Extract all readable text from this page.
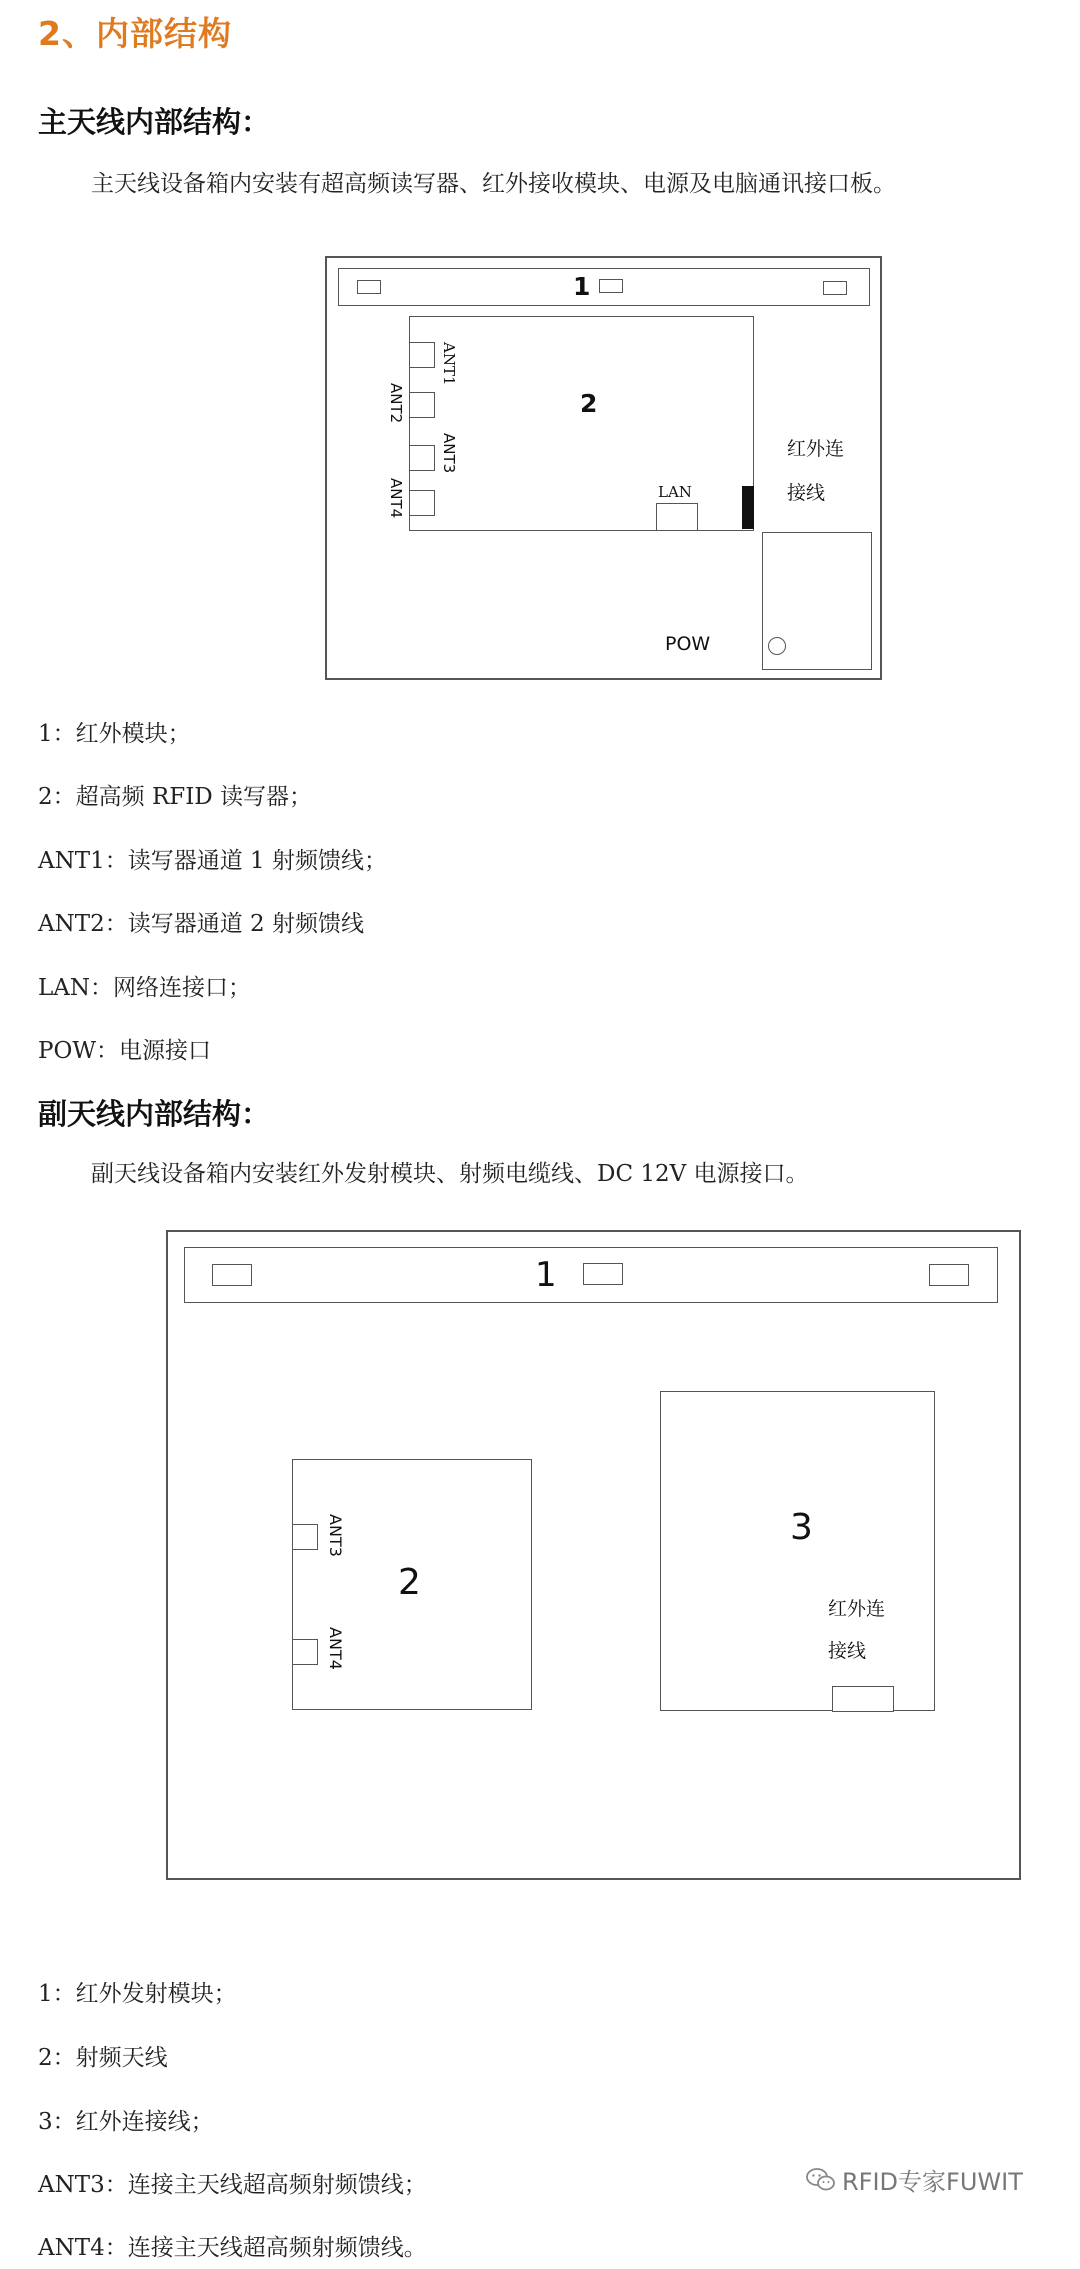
2、内部结构
主天线内部结构：
主天线设备箱内安装有超高频读写器、红外接收模块、电源及电脑通讯接口板。
1
2
ANT1
ANT2
ANT3
ANT4	LAN
红外连
接线
POW
1：红外模块；
2：超高频 RFID 读写器；
ANT1：读写器通道 1 射频馈线；
ANT2：读写器通道 2 射频馈线
LAN：网络连接口；
POW：电源接口
副天线内部结构：
副天线设备箱内安装红外发射模块、射频电缆线、DC 12V 电源接口。
1
2
ANT3
ANT4
3
红外连
接线
1：红外发射模块；
2：射频天线
3：红外连接线；
ANT3：连接主天线超高频射频馈线；
ANT4：连接主天线超高频射频馈线。
RFID专家FUWIT
